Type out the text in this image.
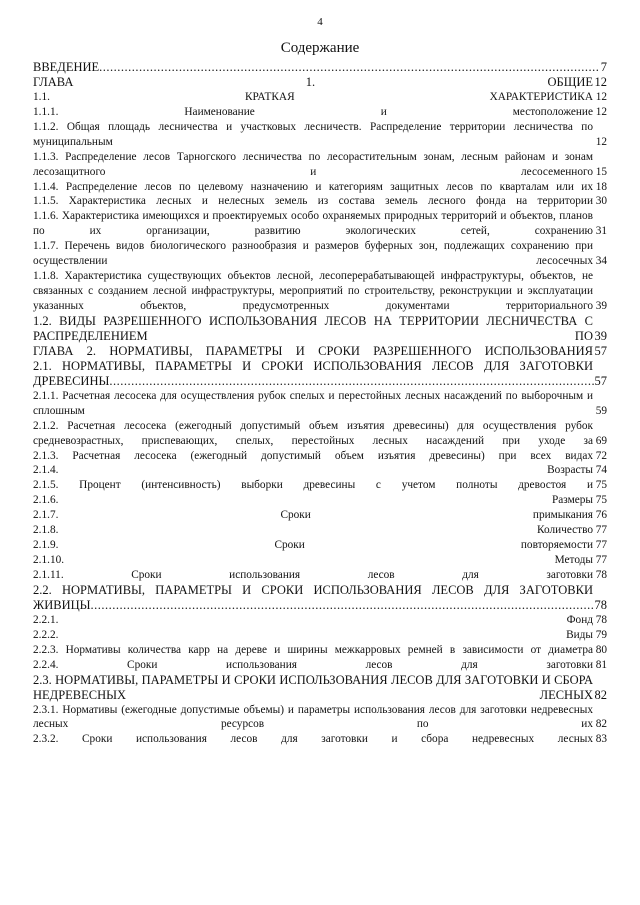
4
Содержание
ВВЕДЕНИЕ .....	7
ГЛАВА 1. ОБЩИЕ 12
1.1. КРАТКАЯ ХАРАКТЕРИСТИКА 12
1.1.1. Наименование и местоположение 12
1.1.2. Общая площадь лесничества и участковых лесничеств. Распределение территории лесничества по муниципальным	12
1.1.3. Распределение лесов Тарногского лесничества по лесорастительным зонам, лесным районам и зонам лесозащитного и лесосеменного 15
1.1.4. Распределение лесов по целевому назначению и категориям защитных лесов по кварталам или их 18
1.1.5. Характеристика лесных и нелесных земель из состава земель лесного фонда на территории 30
1.1.6. Характеристика имеющихся и проектируемых особо охраняемых природных территорий и объектов, планов по их организации, развитию экологических сетей, сохранению 31
1.1.7. Перечень видов биологического разнообразия и размеров буферных зон, подлежащих сохранению при осуществлении лесосечных 34
1.1.8. Характеристика существующих объектов лесной, лесоперерабатывающей инфраструктуры, объектов, не связанных с созданием лесной инфраструктуры, мероприятий по строительству, реконструкции и эксплуатации указанных объектов, предусмотренных документами территориального 39
1.2. ВИДЫ РАЗРЕШЕННОГО ИСПОЛЬЗОВАНИЯ ЛЕСОВ НА ТЕРРИТОРИИ ЛЕСНИЧЕСТВА С РАСПРЕДЕЛЕНИЕМ ПО 39
ГЛАВА 2. НОРМАТИВЫ, ПАРАМЕТРЫ И СРОКИ РАЗРЕШЕННОГО ИСПОЛЬЗОВАНИЯ 57
2.1. НОРМАТИВЫ, ПАРАМЕТРЫ И СРОКИ ИСПОЛЬЗОВАНИЯ ЛЕСОВ ДЛЯ ЗАГОТОВКИ ДРЕВЕСИНЫ .....	57
2.1.1. Расчетная лесосека для осуществления рубок спелых и перестойных лесных насаждений по выборочным и сплошным	59
2.1.2. Расчетная лесосека (ежегодный допустимый объем изъятия древесины) для осуществления рубок средневозрастных, приспевающих, спелых, перестойных лесных насаждений при уходе за 69
2.1.3. Расчетная лесосека (ежегодный допустимый объем изъятия древесины) при всех видах 72
2.1.4. Возрасты 74
2.1.5. Процент (интенсивность) выборки древесины с учетом полноты древостоя и 75
2.1.6. Размеры 75
2.1.7. Сроки примыкания 76
2.1.8. Количество 77
2.1.9. Сроки повторяемости 77
2.1.10. Методы 77
2.1.11. Сроки использования лесов для заготовки 78
2.2. НОРМАТИВЫ, ПАРАМЕТРЫ И СРОКИ ИСПОЛЬЗОВАНИЯ ЛЕСОВ ДЛЯ ЗАГОТОВКИ ЖИВИЦЫ .....	78
2.2.1. Фонд 78
2.2.2. Виды 79
2.2.3. Нормативы количества карр на дереве и ширины межкарровых ремней в зависимости от диаметра 80
2.2.4. Сроки использования лесов для заготовки 81
2.3. НОРМАТИВЫ, ПАРАМЕТРЫ И СРОКИ ИСПОЛЬЗОВАНИЯ ЛЕСОВ ДЛЯ ЗАГОТОВКИ И СБОРА НЕДРЕВЕСНЫХ ЛЕСНЫХ 82
2.3.1. Нормативы (ежегодные допустимые объемы) и параметры использования лесов для заготовки недревесных лесных ресурсов по их 82
2.3.2. Сроки использования лесов для заготовки и сбора недревесных лесных 83
